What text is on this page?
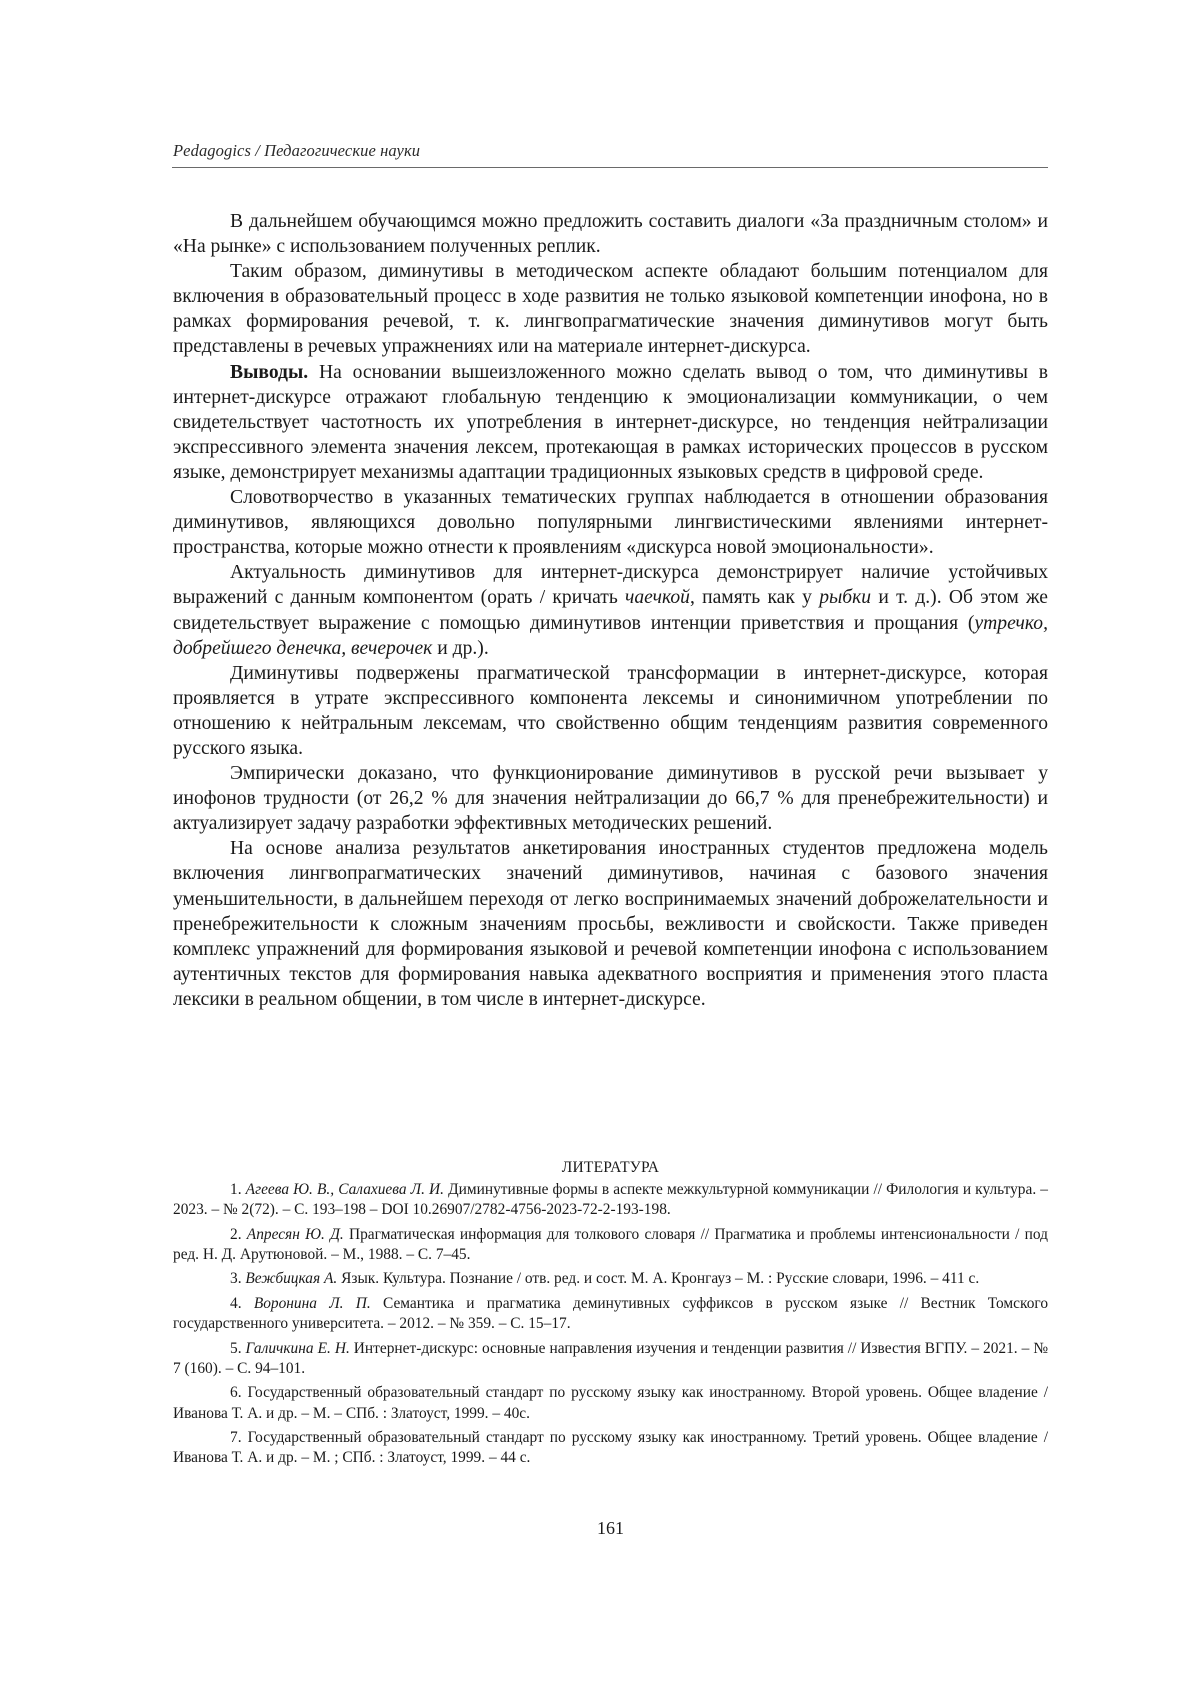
Pedagogics / Педагогические науки

В дальнейшем обучающимся можно предложить составить диалоги «За праздничным столом» и «На рынке» с использованием полученных реплик.

Таким образом, диминутивы в методическом аспекте обладают большим потенциалом для включения в образовательный процесс в ходе развития не только языковой компетенции инофона, но в рамках формирования речевой, т. к. лингвопрагматические значения диминутивов могут быть представлены в речевых упражнениях или на материале интернет-дискурса.

Выводы. На основании вышеизложенного можно сделать вывод о том, что диминутивы в интернет-дискурсе отражают глобальную тенденцию к эмоционализации коммуникации, о чем свидетельствует частотность их употребления в интернет-дискурсе, но тенденция нейтрализации экспрессивного элемента значения лексем, протекающая в рамках исторических процессов в русском языке, демонстрирует механизмы адаптации традиционных языковых средств в цифровой среде.

Словотворчество в указанных тематических группах наблюдается в отношении образования диминутивов, являющихся довольно популярными лингвистическими явлениями интернет-пространства, которые можно отнести к проявлениям «дискурса новой эмоциональности».

Актуальность диминутивов для интернет-дискурса демонстрирует наличие устойчивых выражений с данным компонентом (орать / кричать чаечкой, память как у рыбки и т. д.). Об этом же свидетельствует выражение с помощью диминутивов интенции приветствия и прощания (утречко, добрейшего денечка, вечерочек и др.).

Диминутивы подвержены прагматической трансформации в интернет-дискурсе, которая проявляется в утрате экспрессивного компонента лексемы и синонимичном употреблении по отношению к нейтральным лексемам, что свойственно общим тенденциям развития современного русского языка.

Эмпирически доказано, что функционирование диминутивов в русской речи вызывает у инофонов трудности (от 26,2 % для значения нейтрализации до 66,7 % для пренебрежительности) и актуализирует задачу разработки эффективных методических решений.

На основе анализа результатов анкетирования иностранных студентов предложена модель включения лингвопрагматических значений диминутивов, начиная с базового значения уменьшительности, в дальнейшем переходя от легко воспринимаемых значений доброжелательности и пренебрежительности к сложным значениям просьбы, вежливости и свойскости. Также приведен комплекс упражнений для формирования языковой и речевой компетенции инофона с использованием аутентичных текстов для формирования навыка адекватного восприятия и применения этого пласта лексики в реальном общении, в том числе в интернет-дискурсе.

ЛИТЕРАТУРА

1. Агеева Ю. В., Салахиева Л. И. Диминутивные формы в аспекте межкультурной коммуникации // Филология и культура. – 2023. – № 2(72). – С. 193–198 – DOI 10.26907/2782-4756-2023-72-2-193-198.

2. Апресян Ю. Д. Прагматическая информация для толкового словаря // Прагматика и проблемы интенсиональности / под ред. Н. Д. Арутюновой. – М., 1988. – С. 7–45.

3. Вежбицкая А. Язык. Культура. Познание / отв. ред. и сост. М. А. Кронгауз – М. : Русские словари, 1996. – 411 с.

4. Воронина Л. П. Семантика и прагматика деминутивных суффиксов в русском языке // Вестник Томского государственного университета. – 2012. – № 359. – С. 15–17.

5. Галичкина Е. Н. Интернет-дискурс: основные направления изучения и тенденции развития // Известия ВГПУ. – 2021. – № 7 (160). – С. 94–101.

6. Государственный образовательный стандарт по русскому языку как иностранному. Второй уровень. Общее владение / Иванова Т. А. и др. – М. – СПб. : Златоуст, 1999. – 40с.

7. Государственный образовательный стандарт по русскому языку как иностранному. Третий уровень. Общее владение / Иванова Т. А. и др. – М. ; СПб. : Златоуст, 1999. – 44 с.

161
